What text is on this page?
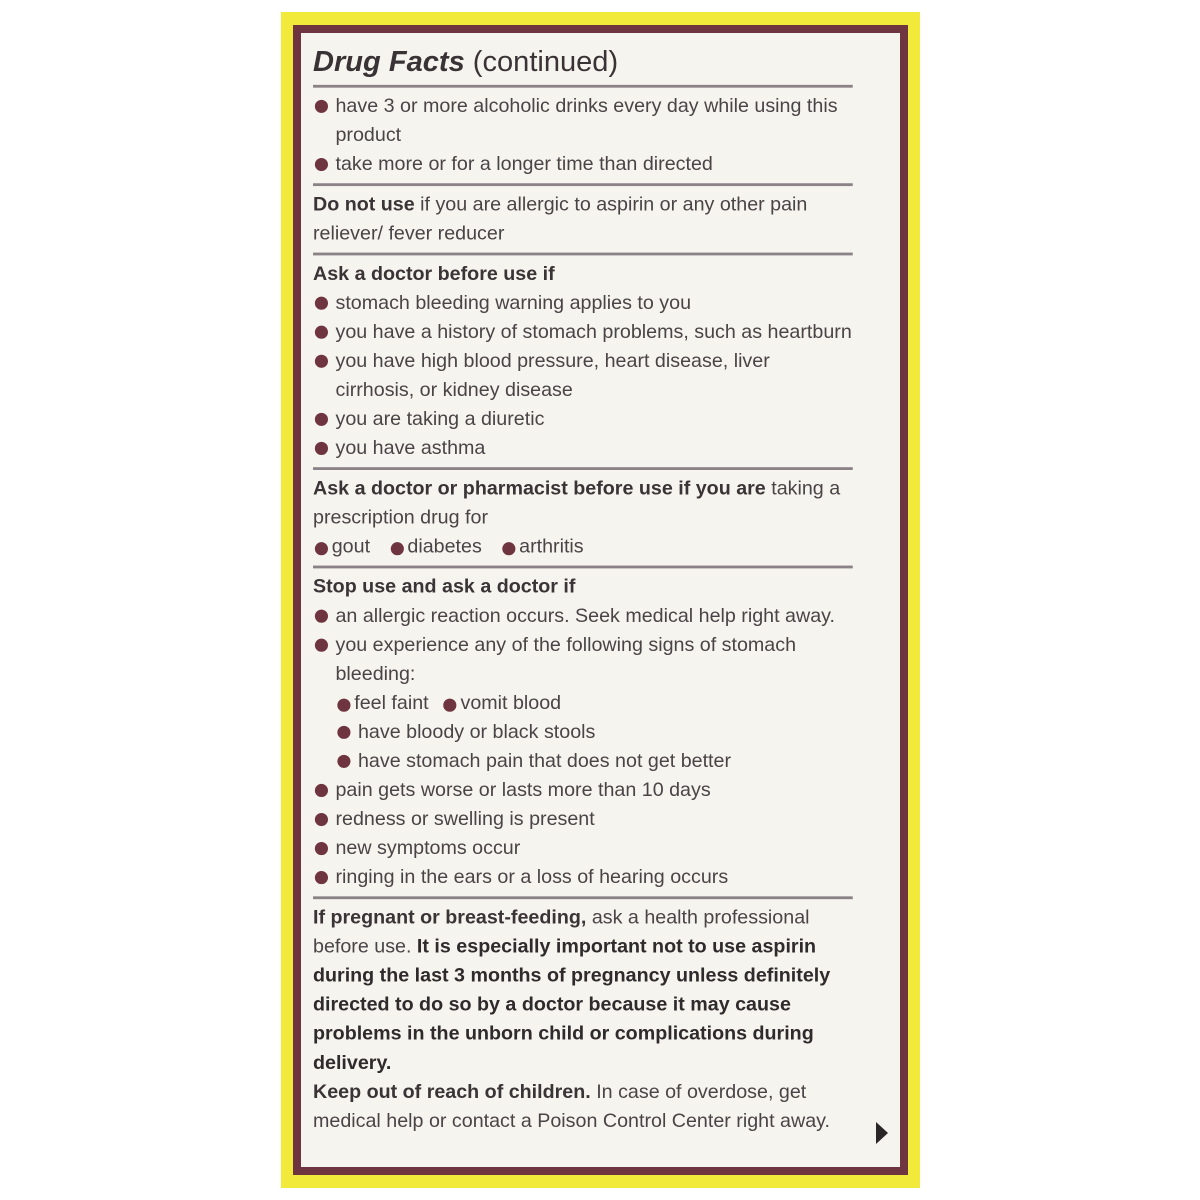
Drug Facts (continued)
have 3 or more alcoholic drinks every day while using this product
take more or for a longer time than directed
Do not use if you are allergic to aspirin or any other pain reliever/ fever reducer
Ask a doctor before use if
stomach bleeding warning applies to you
you have a history of stomach problems, such as heartburn
you have high blood pressure, heart disease, liver cirrhosis, or kidney disease
you are taking a diuretic
you have asthma
Ask a doctor or pharmacist before use if you are taking a prescription drug for
gout diabetes arthritis
Stop use and ask a doctor if
an allergic reaction occurs. Seek medical help right away.
you experience any of the following signs of stomach bleeding:
feel faint vomit blood
have bloody or black stools
have stomach pain that does not get better
pain gets worse or lasts more than 10 days
redness or swelling is present
new symptoms occur
ringing in the ears or a loss of hearing occurs
If pregnant or breast-feeding, ask a health professional before use. It is especially important not to use aspirin during the last 3 months of pregnancy unless definitely directed to do so by a doctor because it may cause problems in the unborn child or complications during delivery.
Keep out of reach of children. In case of overdose, get medical help or contact a Poison Control Center right away.
